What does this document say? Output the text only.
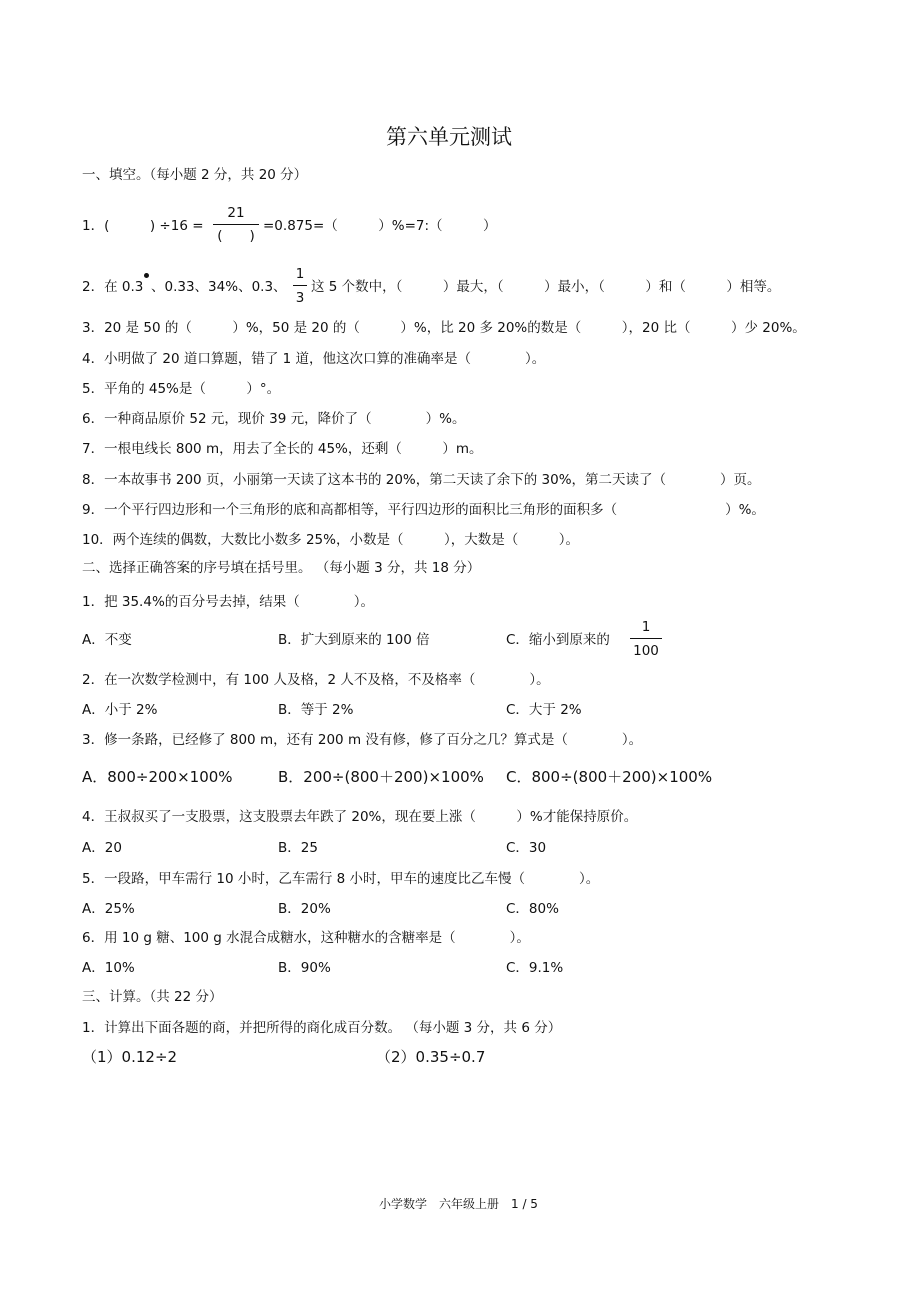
第六单元测试
一、填空。（每小题 2 分，共 20 分）
1．(　　　) ÷16 =
21
(　　)
=0.875=（　　　）%=7:（　　　）
2．在 0.3 、0.33、34%、0.3、
1
3
这 5 个数中，（　　　）最大，（　　　）最小，（　　　）和（　　　）相等。
3．20 是 50 的（　　　）%，50 是 20 的（　　　）%，比 20 多 20%的数是（　　　），20 比（　　　）少 20%。
4．小明做了 20 道口算题，错了 1 道，他这次口算的准确率是（　　　　）。
5．平角的 45%是（　　　）°。
6．一种商品原价 52 元，现价 39 元，降价了（　　　　）%。
7．一根电线长 800 m，用去了全长的 45%，还剩（　　　）m。
8．一本故事书 200 页，小丽第一天读了这本书的 20%，第二天读了余下的 30%，第二天读了（　　　　）页。
9．一个平行四边形和一个三角形的底和高都相等，平行四边形的面积比三角形的面积多（　　　　　　　　）%。
10．两个连续的偶数，大数比小数多 25%，小数是（　　　），大数是（　　　）。
二、选择正确答案的序号填在括号里。 （每小题 3 分，共 18 分）
1．把 35.4%的百分号去掉，结果（　　　　）。
A．不变	B．扩大到原来的 100 倍	C．缩小到原来的
1
100
2．在一次数学检测中，有 100 人及格，2 人不及格，不及格率（　　　　）。
A．小于 2%	B．等于 2%	C．大于 2%
3．修一条路，已经修了 800 m，还有 200 m 没有修，修了百分之几？算式是（　　　　）。
A．800÷200×100%	B．200÷(800＋200)×100% C．800÷(800＋200)×100%
4．王叔叔买了一支股票，这支股票去年跌了 20%，现在要上涨（　　　）%才能保持原价。
A．20	B．25	C．30
5．一段路，甲车需行 10 小时，乙车需行 8 小时，甲车的速度比乙车慢（　　　　）。
A．25%	B．20%	C．80%
6．用 10 g 糖、100 g 水混合成糖水，这种糖水的含糖率是（　　　　）。
A．10%	B．90%	C．9.1%
三、计算。（共 22 分）
1．计算出下面各题的商，并把所得的商化成百分数。 （每小题 3 分，共 6 分）
（1）0.12÷2	（2）0.35÷0.7
小学数学　六年级上册　1 / 5
